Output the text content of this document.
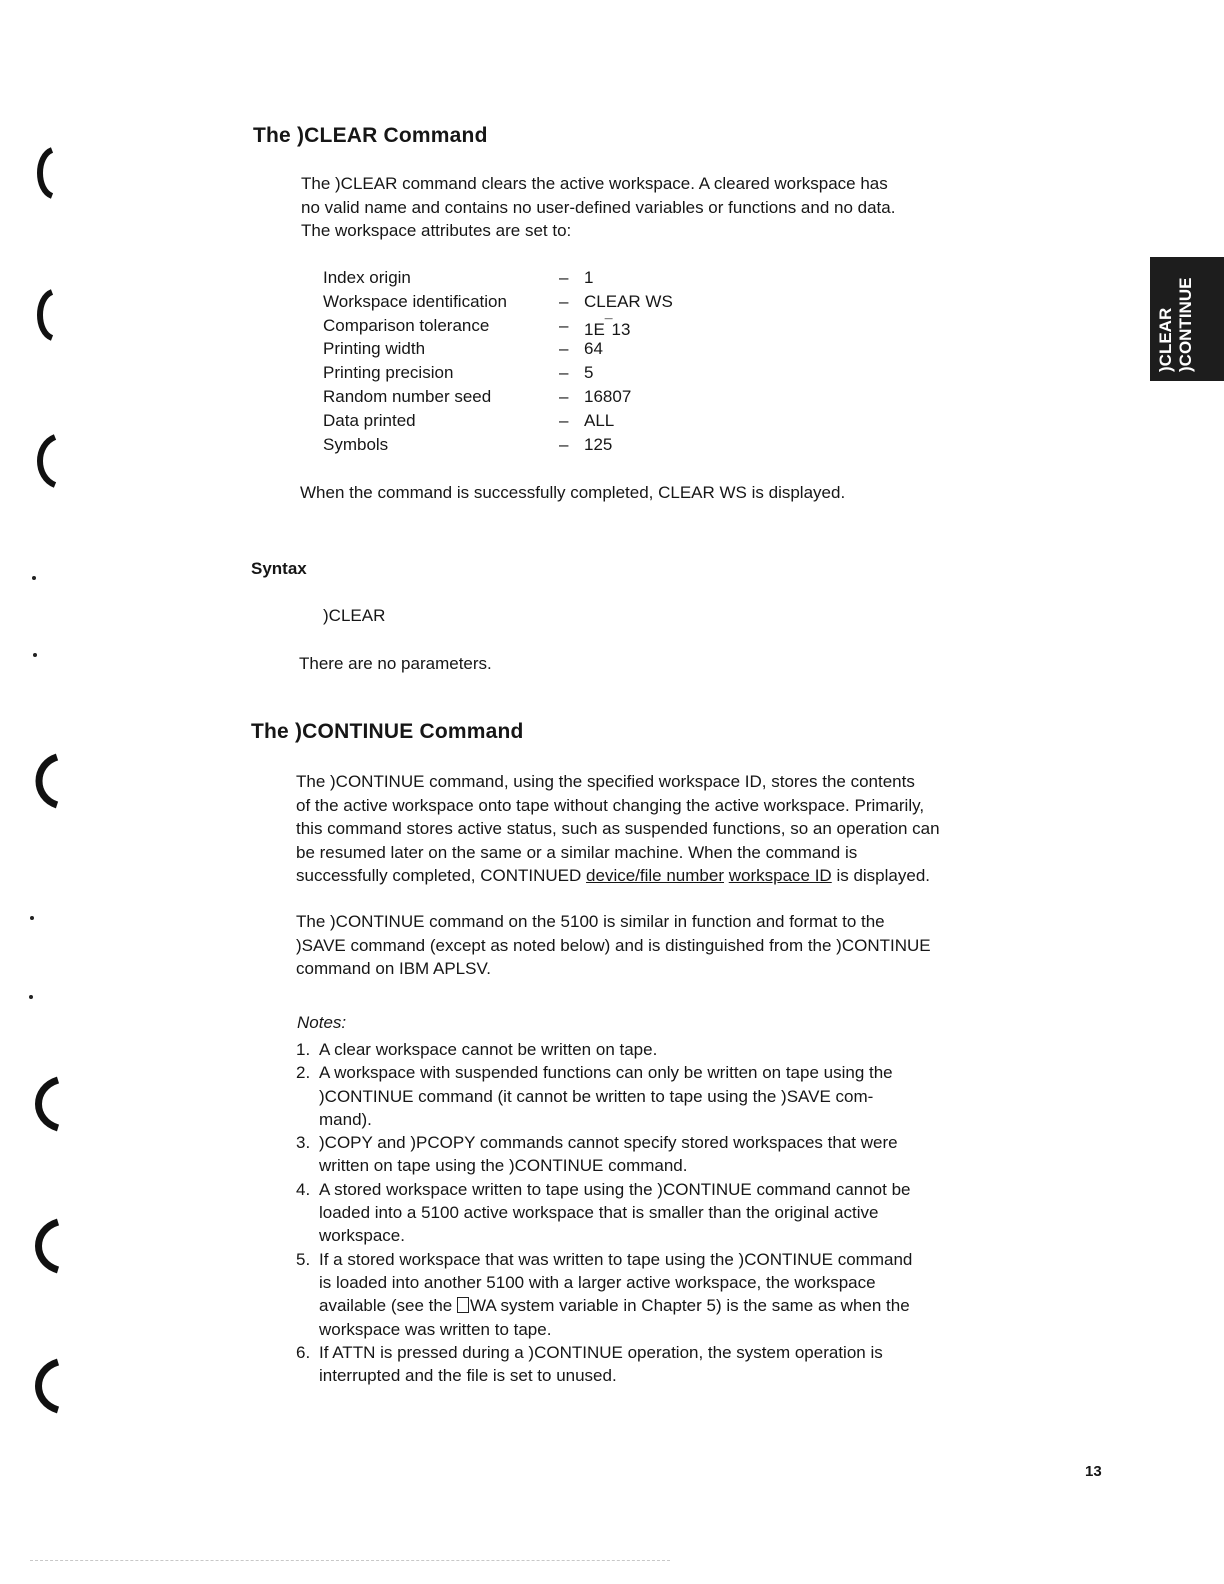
The )CLEAR Command

The )CLEAR command clears the active workspace. A cleared workspace has
no valid name and contains no user-defined variables or functions and no data.
The workspace attributes are set to:

Index origin	– 1
Workspace identification	– CLEAR WS
Comparison tolerance	– 1E¯13
Printing width	– 64
Printing precision	– 5
Random number seed	– 16807
Data printed	– ALL
Symbols	– 125

When the command is successfully completed, CLEAR WS is displayed.

Syntax

)CLEAR

There are no parameters.

The )CONTINUE Command

The )CONTINUE command, using the specified workspace ID, stores the contents
of the active workspace onto tape without changing the active workspace. Primarily,
this command stores active status, such as suspended functions, so an operation can
be resumed later on the same or a similar machine. When the command is
successfully completed, CONTINUED device/file number workspace ID is displayed.

The )CONTINUE command on the 5100 is similar in function and format to the
)SAVE command (except as noted below) and is distinguished from the )CONTINUE
command on IBM APLSV.

Notes:

1. A clear workspace cannot be written on tape.
2. A workspace with suspended functions can only be written on tape using the
)CONTINUE command (it cannot be written to tape using the )SAVE com-
mand).
3. )COPY and )PCOPY commands cannot specify stored workspaces that were
written on tape using the )CONTINUE command.
4. A stored workspace written to tape using the )CONTINUE command cannot be
loaded into a 5100 active workspace that is smaller than the original active
workspace.
5. If a stored workspace that was written to tape using the )CONTINUE command
is loaded into another 5100 with a larger active workspace, the workspace
available (see the WA system variable in Chapter 5) is the same as when the
workspace was written to tape.
6. If ATTN is pressed during a )CONTINUE operation, the system operation is
interrupted and the file is set to unused.
)CLEAR )CONTINUE

13
